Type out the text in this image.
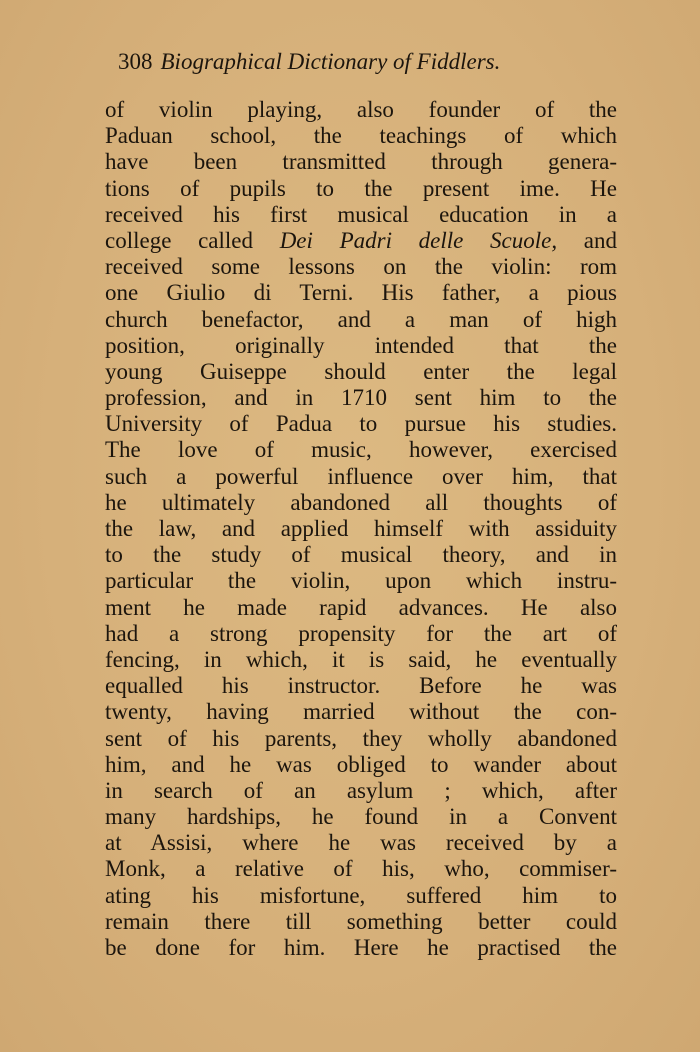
308 Biographical Dictionary of Fiddlers.
of violin playing, also founder of the
Paduan school, the teachings of which
have been transmitted through genera-
tions of pupils to the present ime. He
received his first musical education in a
college called Dei Padri delle Scuole, and
received some lessons on the violin: rom
one Giulio di Terni. His father, a pious
church benefactor, and a man of high
position, originally intended that the
young Guiseppe should enter the legal
profession, and in 1710 sent him to the
University of Padua to pursue his studies.
The love of music, however, exercised
such a powerful influence over him, that
he ultimately abandoned all thoughts of
the law, and applied himself with assiduity
to the study of musical theory, and in
particular the violin, upon which instru-
ment he made rapid advances. He also
had a strong propensity for the art of
fencing, in which, it is said, he eventually
equalled his instructor. Before he was
twenty, having married without the con-
sent of his parents, they wholly abandoned
him, and he was obliged to wander about
in search of an asylum ; which, after
many hardships, he found in a Convent
at Assisi, where he was received by a
Monk, a relative of his, who, commiser-
ating his misfortune, suffered him to
remain there till something better could
be done for him. Here he practised the
